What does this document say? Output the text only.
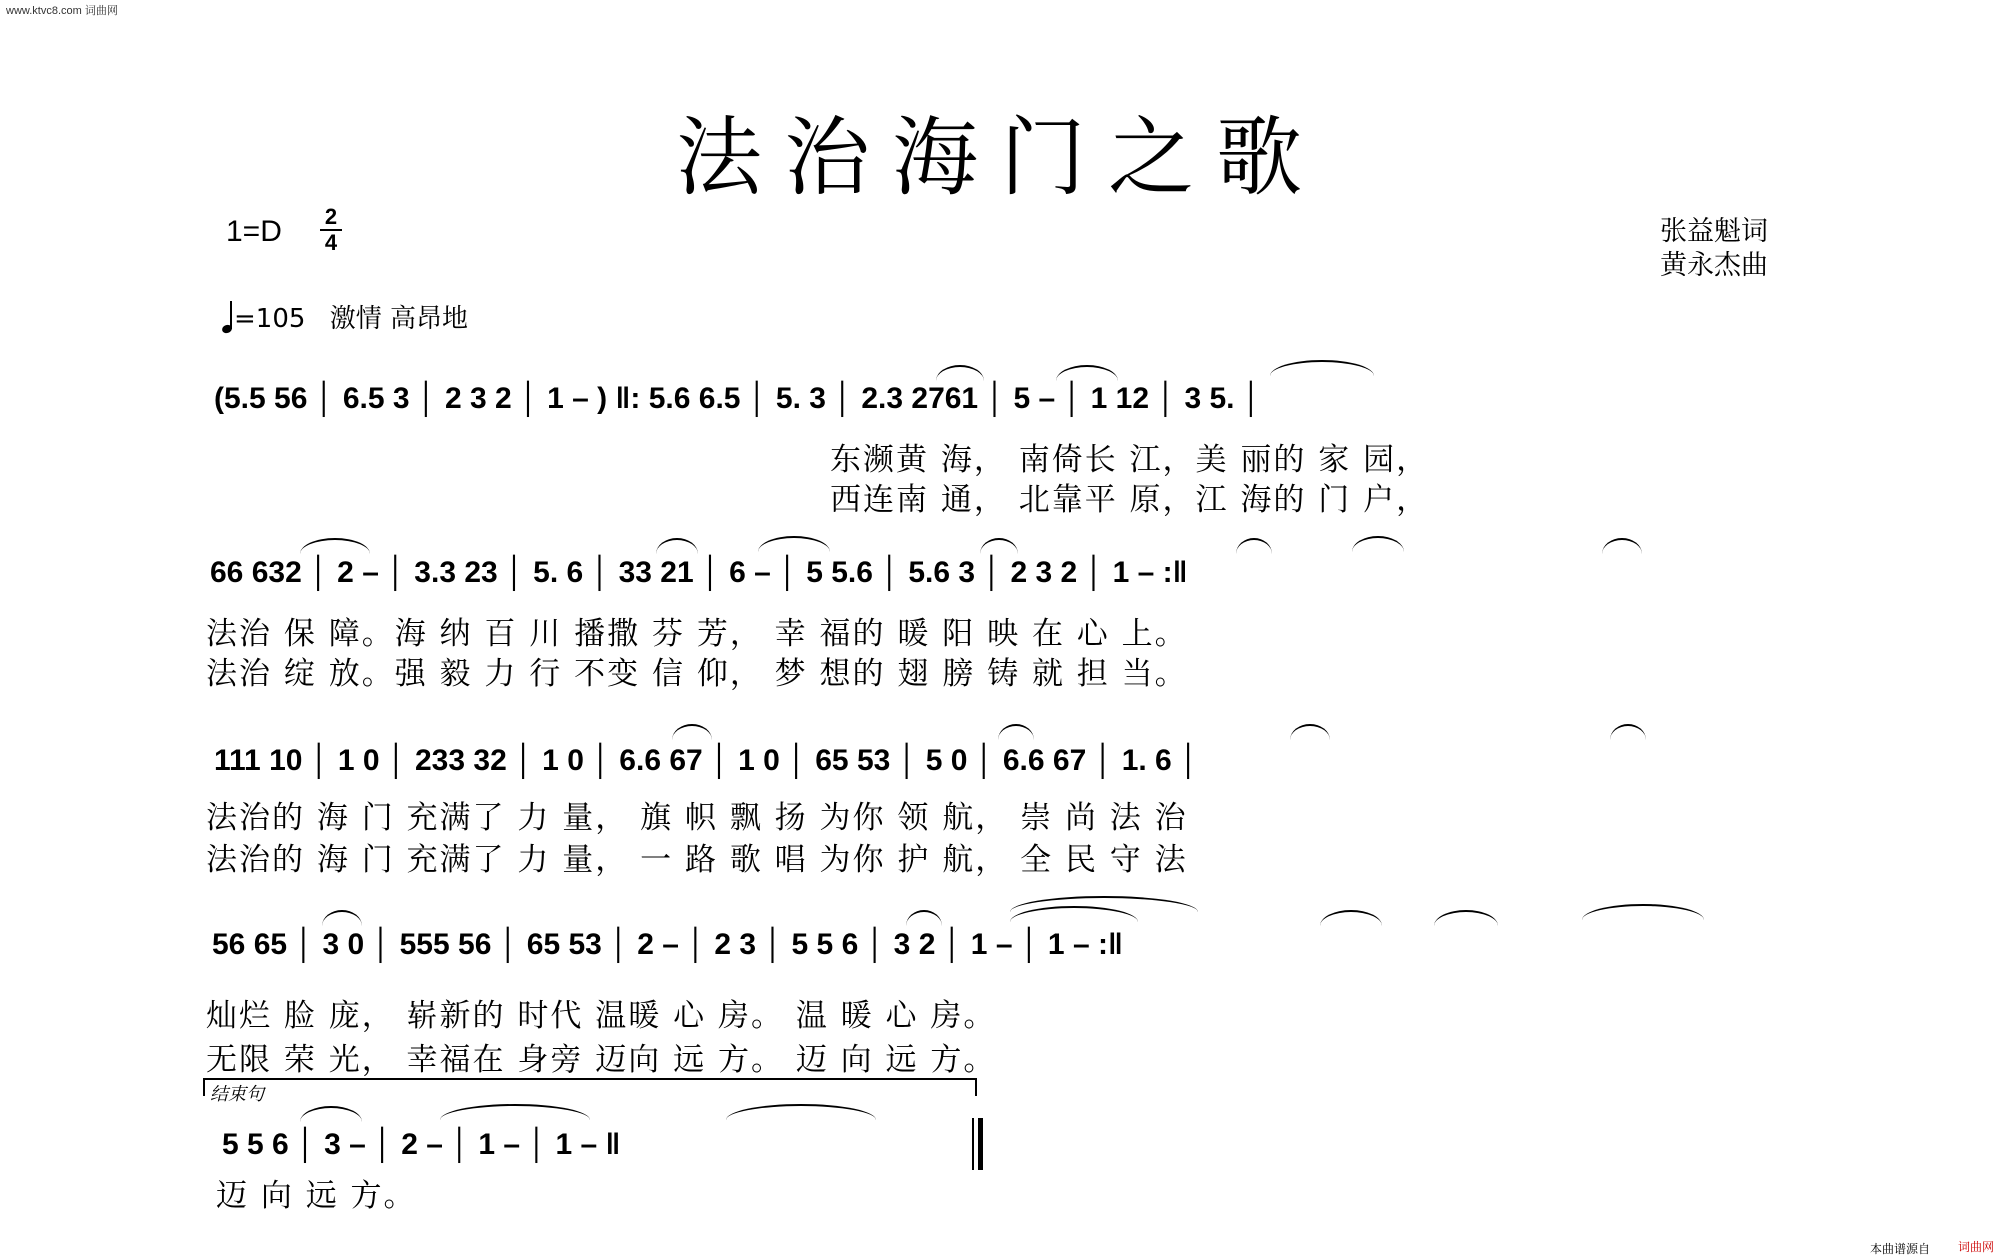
www.ktvc8.com 词曲网
法治海门之歌
1=D 2
4	张益魁词
黄永杰曲
=105 激情 高昂地
(5.5 56 │ 6.5 3 │ 2 3 2 │ 1 – ) ‖: 5.6 6.5 │ 5. 3 │ 2.3 2761 │ 5 – │ 1 12 │ 3 5. │
东濒黄 海， 南倚长 江，美 丽的 家 园，
西连南 通， 北靠平 原，江 海的 门 户，
66 632 │ 2 – │ 3.3 23 │ 5. 6 │ 33 21 │ 6 – │ 5 5.6 │ 5.6 3 │ 2 3 2 │ 1 – :‖
法治 保 障。海 纳 百 川 播撒 芬 芳， 幸 福的 暖 阳 映 在 心 上。
法治 绽 放。强 毅 力 行 不变 信 仰， 梦 想的 翅 膀 铸 就 担 当。
111 10 │ 1 0 │ 233 32 │ 1 0 │ 6.6 67 │ 1 0 │ 65 53 │ 5 0 │ 6.6 67 │ 1. 6 │
法治的 海 门 充满了 力 量， 旗 帜 飘 扬 为你 领 航， 崇 尚 法 治
法治的 海 门 充满了 力 量， 一 路 歌 唱 为你 护 航， 全 民 守 法
56 65 │ 3 0 │ 555 56 │ 65 53 │ 2 – │ 2 3 │ 5 5 6 │ 3 2 │ 1 – │ 1 – :‖
灿烂 脸 庞， 崭新的 时代 温暖 心 房。 温 暖 心 房。
无限 荣 光， 幸福在 身旁 迈向 远 方。 迈 向 远 方。
结束句
5 5 6 │ 3 – │ 2 – │ 1 – │ 1 – ‖
迈 向 远 方。
本曲谱源自 词曲网
